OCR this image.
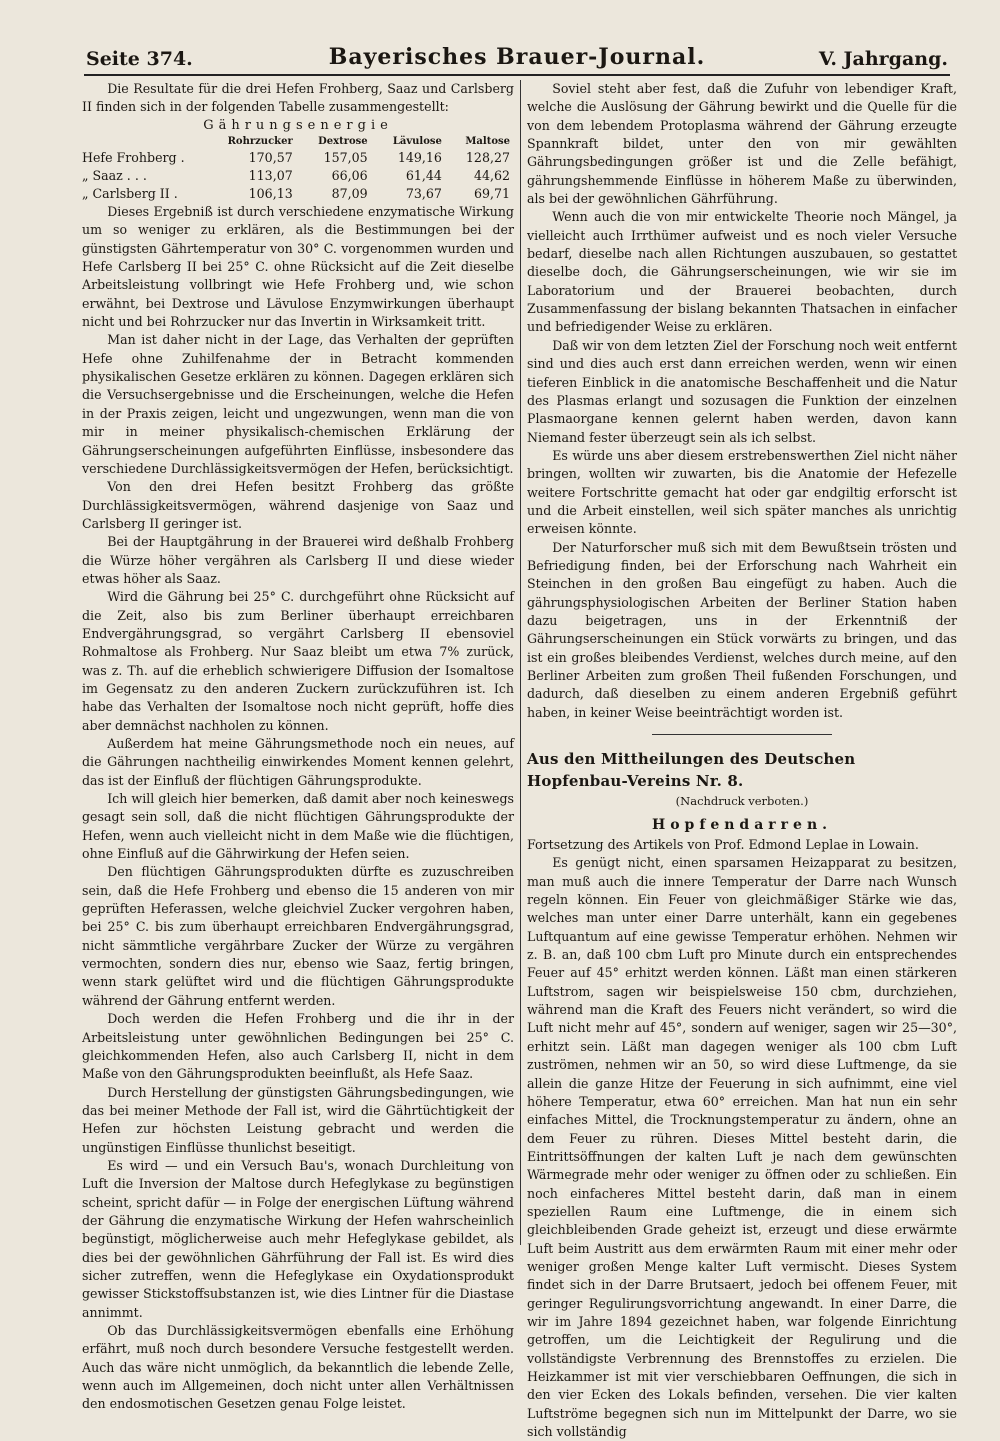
Seite 374.	Bayerisches Brauer-Journal.	V. Jahrgang.

Die Resultate für die drei Hefen Frohberg, Saaz und Carlsberg II finden sich in der folgenden Tabelle zusammengestellt:

Gährungsenergie
	Rohrzucker	Dextrose	Lävulose	Maltose
Hefe Frohberg .	170,57	157,05	149,16	128,27
„ Saaz . . .	113,07	66,06	61,44	44,62
„ Carlsberg II .	106,13	87,09	73,67	69,71

Dieses Ergebniß ist durch verschiedene enzymatische Wirkung um so weniger zu erklären, als die Bestimmungen bei der günstigsten Gährtemperatur von 30° C. vorgenommen wurden und Hefe Carlsberg II bei 25° C. ohne Rücksicht auf die Zeit dieselbe Arbeitsleistung vollbringt wie Hefe Frohberg und, wie schon erwähnt, bei Dextrose und Lävulose Enzymwirkungen überhaupt nicht und bei Rohrzucker nur das Invertin in Wirksamkeit tritt.

Man ist daher nicht in der Lage, das Verhalten der geprüften Hefe ohne Zuhilfenahme der in Betracht kommenden physikalischen Gesetze erklären zu können. Dagegen erklären sich die Versuchsergebnisse und die Erscheinungen, welche die Hefen in der Praxis zeigen, leicht und ungezwungen, wenn man die von mir in meiner physikalisch-chemischen Erklärung der Gährungserscheinungen aufgeführten Einflüsse, insbesondere das verschiedene Durchlässigkeitsvermögen der Hefen, berücksichtigt.

Von den drei Hefen besitzt Frohberg das größte Durchlässigkeitsvermögen, während dasjenige von Saaz und Carlsberg II geringer ist.

Bei der Hauptgährung in der Brauerei wird deßhalb Frohberg die Würze höher vergähren als Carlsberg II und diese wieder etwas höher als Saaz.

Wird die Gährung bei 25° C. durchgeführt ohne Rücksicht auf die Zeit, also bis zum Berliner überhaupt erreichbaren Endvergährungsgrad, so vergährt Carlsberg II ebensoviel Rohmaltose als Frohberg. Nur Saaz bleibt um etwa 7% zurück, was z. Th. auf die erheblich schwierigere Diffusion der Isomaltose im Gegensatz zu den anderen Zuckern zurückzuführen ist. Ich habe das Verhalten der Isomaltose noch nicht geprüft, hoffe dies aber demnächst nachholen zu können.

Außerdem hat meine Gährungsmethode noch ein neues, auf die Gährungen nachtheilig einwirkendes Moment kennen gelehrt, das ist der Einfluß der flüchtigen Gährungsprodukte.

Ich will gleich hier bemerken, daß damit aber noch keineswegs gesagt sein soll, daß die nicht flüchtigen Gährungsprodukte der Hefen, wenn auch vielleicht nicht in dem Maße wie die flüchtigen, ohne Einfluß auf die Gährwirkung der Hefen seien.

Den flüchtigen Gährungsprodukten dürfte es zuzuschreiben sein, daß die Hefe Frohberg und ebenso die 15 anderen von mir geprüften Heferassen, welche gleichviel Zucker vergohren haben, bei 25° C. bis zum überhaupt erreichbaren Endvergährungsgrad, nicht sämmtliche vergährbare Zucker der Würze zu vergähren vermochten, sondern dies nur, ebenso wie Saaz, fertig bringen, wenn stark gelüftet wird und die flüchtigen Gährungsprodukte während der Gährung entfernt werden.

Doch werden die Hefen Frohberg und die ihr in der Arbeitsleistung unter gewöhnlichen Bedingungen bei 25° C. gleichkommenden Hefen, also auch Carlsberg II, nicht in dem Maße von den Gährungsprodukten beeinflußt, als Hefe Saaz.

Durch Herstellung der günstigsten Gährungsbedingungen, wie das bei meiner Methode der Fall ist, wird die Gährtüchtigkeit der Hefen zur höchsten Leistung gebracht und werden die ungünstigen Einflüsse thunlichst beseitigt.

Es wird — und ein Versuch Bau's, wonach Durchleitung von Luft die Inversion der Maltose durch Hefeglykase zu begünstigen scheint, spricht dafür — in Folge der energischen Lüftung während der Gährung die enzymatische Wirkung der Hefen wahrscheinlich begünstigt, möglicherweise auch mehr Hefeglykase gebildet, als dies bei der gewöhnlichen Gährführung der Fall ist. Es wird dies sicher zutreffen, wenn die Hefeglykase ein Oxydationsprodukt gewisser Stickstoffsubstanzen ist, wie dies Lintner für die Diastase annimmt.

Ob das Durchlässigkeitsvermögen ebenfalls eine Erhöhung erfährt, muß noch durch besondere Versuche festgestellt werden. Auch das wäre nicht unmöglich, da bekanntlich die lebende Zelle, wenn auch im Allgemeinen, doch nicht unter allen Verhältnissen den endosmotischen Gesetzen genau Folge leistet.

Soviel steht aber fest, daß die Zufuhr von lebendiger Kraft, welche die Auslösung der Gährung bewirkt und die Quelle für die von dem lebendem Protoplasma während der Gährung erzeugte Spannkraft bildet, unter den von mir gewählten Gährungsbedingungen größer ist und die Zelle befähigt, gährungshemmende Einflüsse in höherem Maße zu überwinden, als bei der gewöhnlichen Gährführung.

Wenn auch die von mir entwickelte Theorie noch Mängel, ja vielleicht auch Irrthümer aufweist und es noch vieler Versuche bedarf, dieselbe nach allen Richtungen auszubauen, so gestattet dieselbe doch, die Gährungserscheinungen, wie wir sie im Laboratorium und der Brauerei beobachten, durch Zusammenfassung der bislang bekannten Thatsachen in einfacher und befriedigender Weise zu erklären.

Daß wir von dem letzten Ziel der Forschung noch weit entfernt sind und dies auch erst dann erreichen werden, wenn wir einen tieferen Einblick in die anatomische Beschaffenheit und die Natur des Plasmas erlangt und sozusagen die Funktion der einzelnen Plasmaorgane kennen gelernt haben werden, davon kann Niemand fester überzeugt sein als ich selbst.

Es würde uns aber diesem erstrebenswerthen Ziel nicht näher bringen, wollten wir zuwarten, bis die Anatomie der Hefezelle weitere Fortschritte gemacht hat oder gar endgiltig erforscht ist und die Arbeit einstellen, weil sich später manches als unrichtig erweisen könnte.

Der Naturforscher muß sich mit dem Bewußtsein trösten und Befriedigung finden, bei der Erforschung nach Wahrheit ein Steinchen in den großen Bau eingefügt zu haben. Auch die gährungsphysiologischen Arbeiten der Berliner Station haben dazu beigetragen, uns in der Erkenntniß der Gährungserscheinungen ein Stück vorwärts zu bringen, und das ist ein großes bleibendes Verdienst, welches durch meine, auf den Berliner Arbeiten zum großen Theil fußenden Forschungen, und dadurch, daß dieselben zu einem anderen Ergebniß geführt haben, in keiner Weise beeinträchtigt worden ist.

Aus den Mittheilungen des Deutschen Hopfenbau-Vereins Nr. 8.
(Nachdruck verboten.)
Hopfendarren.

Fortsetzung des Artikels von Prof. Edmond Leplae in Lowain.

Es genügt nicht, einen sparsamen Heizapparat zu besitzen, man muß auch die innere Temperatur der Darre nach Wunsch regeln können. Ein Feuer von gleichmäßiger Stärke wie das, welches man unter einer Darre unterhält, kann ein gegebenes Luftquantum auf eine gewisse Temperatur erhöhen. Nehmen wir z. B. an, daß 100 cbm Luft pro Minute durch ein entsprechendes Feuer auf 45° erhitzt werden können. Läßt man einen stärkeren Luftstrom, sagen wir beispielsweise 150 cbm, durchziehen, während man die Kraft des Feuers nicht verändert, so wird die Luft nicht mehr auf 45°, sondern auf weniger, sagen wir 25—30°, erhitzt sein. Läßt man dagegen weniger als 100 cbm Luft zuströmen, nehmen wir an 50, so wird diese Luftmenge, da sie allein die ganze Hitze der Feuerung in sich aufnimmt, eine viel höhere Temperatur, etwa 60° erreichen. Man hat nun ein sehr einfaches Mittel, die Trocknungstemperatur zu ändern, ohne an dem Feuer zu rühren. Dieses Mittel besteht darin, die Eintrittsöffnungen der kalten Luft je nach dem gewünschten Wärmegrade mehr oder weniger zu öffnen oder zu schließen. Ein noch einfacheres Mittel besteht darin, daß man in einem speziellen Raum eine Luftmenge, die in einem sich gleichbleibenden Grade geheizt ist, erzeugt und diese erwärmte Luft beim Austritt aus dem erwärmten Raum mit einer mehr oder weniger großen Menge kalter Luft vermischt. Dieses System findet sich in der Darre Brutsaert, jedoch bei offenem Feuer, mit geringer Regulirungsvorrichtung angewandt. In einer Darre, die wir im Jahre 1894 gezeichnet haben, war folgende Einrichtung getroffen, um die Leichtigkeit der Regulirung und die vollständigste Verbrennung des Brennstoffes zu erzielen. Die Heizkammer ist mit vier verschiebbaren Oeffnungen, die sich in den vier Ecken des Lokals befinden, versehen. Die vier kalten Luftströme begegnen sich nun im Mittelpunkt der Darre, wo sie sich vollständig
